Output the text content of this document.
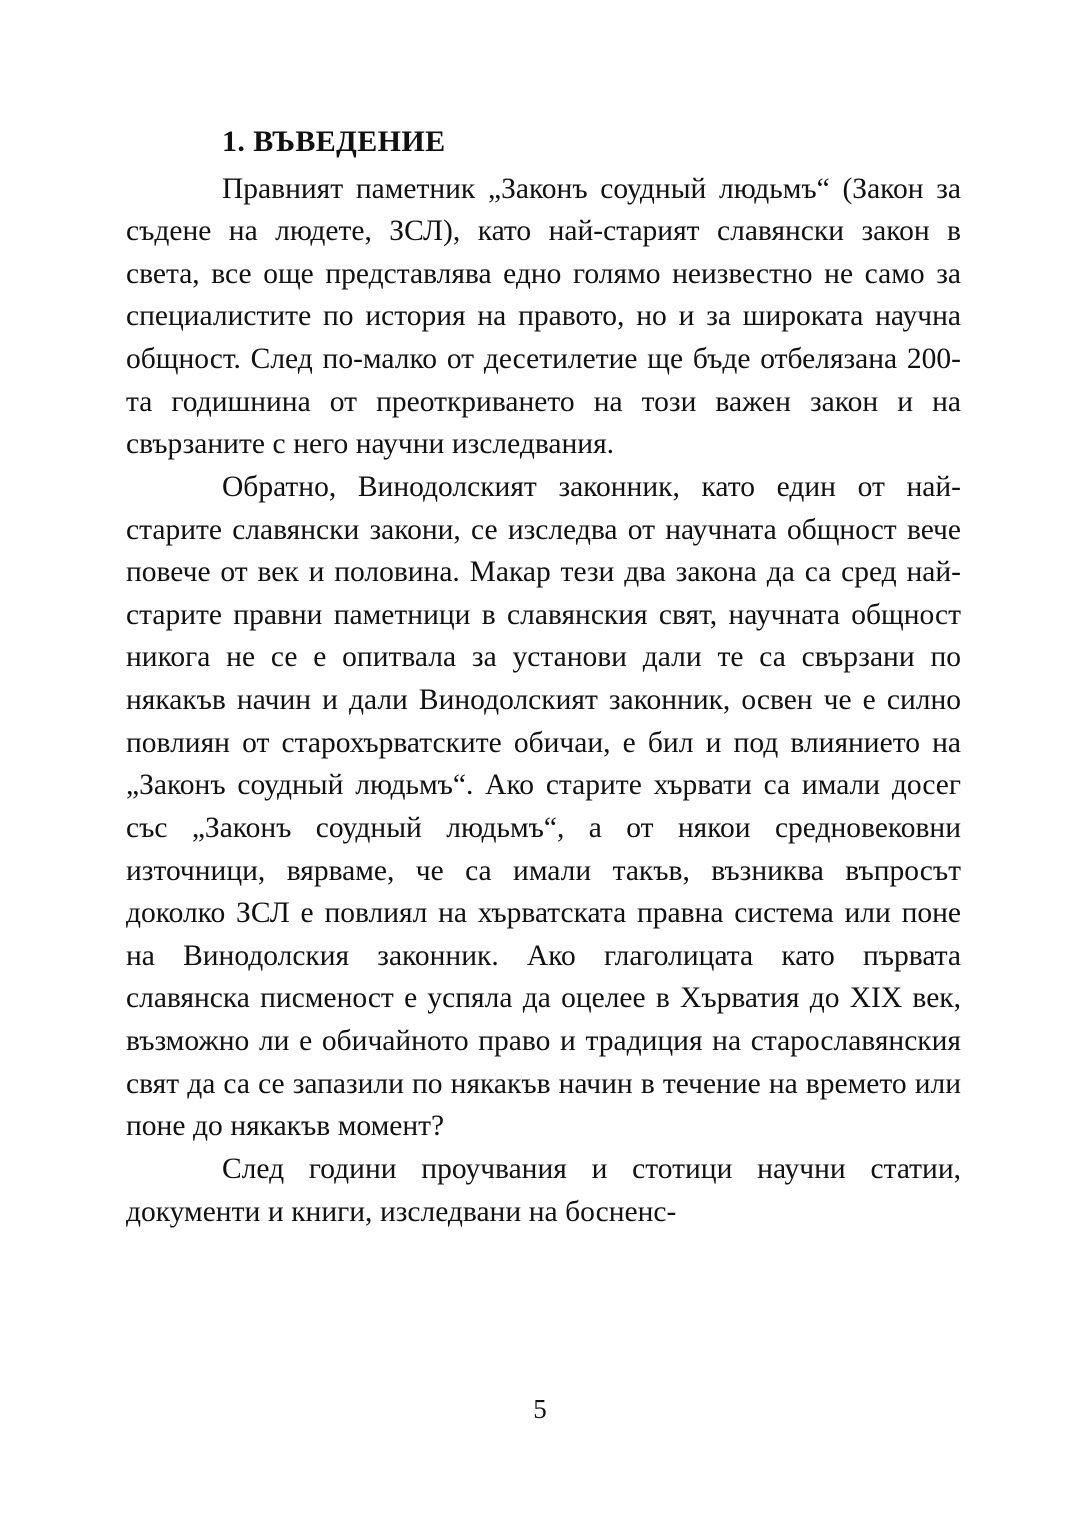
1. ВЪВЕДЕНИЕ

Правният паметник „Законъ соудный людьмъ“ (Закон за съдене на людете, ЗСЛ), като най-старият славянски закон в света, все още представлява едно голямо неизвестно не само за специалистите по история на правото, но и за широката научна общност. След по-малко от десетилетие ще бъде отбелязана 200-та годишнина от преоткриването на този важен закон и на свързаните с него научни изследвания.

Обратно, Винодолският законник, като един от най-старите славянски закони, се изследва от научната общност вече повече от век и половина. Макар тези два закона да са сред най-старите правни паметници в славянския свят, научната общност никога не се е опитвала за установи дали те са свързани по някакъв начин и дали Винодолският законник, освен че е силно повлиян от старохърватските обичаи, е бил и под влиянието на „Законъ соудный людьмъ“. Ако старите хървати са имали досег със „Законъ соудный людьмъ“, а от някои средновековни източници, вярваме, че са имали такъв, възниква въпросът доколко ЗСЛ е повлиял на хърватската правна система или поне на Винодолския законник. Ако глаголицата като първата славянска писменост е успяла да оцелее в Хърватия до XIX век, възможно ли е обичайното право и традиция на старославянския свят да са се запазили по някакъв начин в течение на времето или поне до някакъв момент?

След години проучвания и стотици научни статии, документи и книги, изследвани на босненс-

5
